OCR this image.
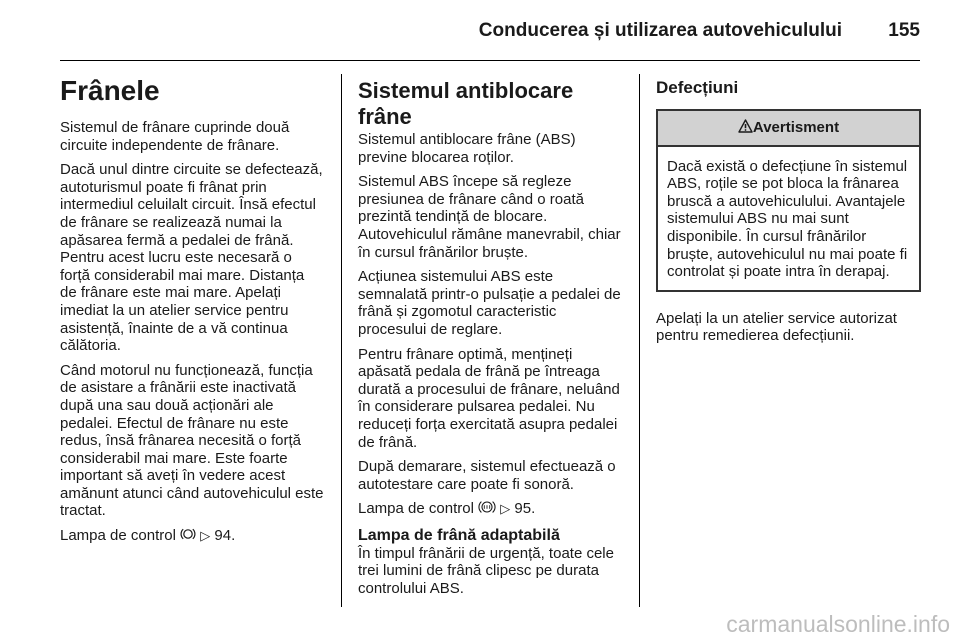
Conducerea și utilizarea autovehiculului 155
Frânele

Sistemul de frânare cuprinde două circuite independente de frânare.

Dacă unul dintre circuite se defectează, autoturismul poate fi frânat prin intermediul celuilalt circuit. Însă efectul de frânare se realizează numai la apăsarea fermă a pedalei de frână. Pentru acest lucru este necesară o forță considerabil mai mare. Distanța de frânare este mai mare. Apelați imediat la un atelier service pentru asistență, înainte de a vă continua călătoria.

Când motorul nu funcționează, funcția de asistare a frânării este inactivată după una sau două acționări ale pedalei. Efectul de frânare nu este redus, însă frânarea necesită o forță considerabil mai mare. Este foarte important să aveți în vedere acest amănunt atunci când autovehiculul este tractat.

Lampa de control ▷ 94.

Sistemul antiblocare frâne

Sistemul antiblocare frâne (ABS) previne blocarea roților.

Sistemul ABS începe să regleze presiunea de frânare când o roată prezintă tendință de blocare. Autovehiculul rămâne manevrabil, chiar în cursul frânărilor bruște.

Acțiunea sistemului ABS este semnalată printr-o pulsație a pedalei de frână și zgomotul caracteristic procesului de reglare.

Pentru frânare optimă, mențineți apăsată pedala de frână pe întreaga durată a procesului de frânare, neluând în considerare pulsarea pedalei. Nu reduceți forța exercitată asupra pedalei de frână.

După demarare, sistemul efectuează o autotestare care poate fi sonoră.

Lampa de control ▷ 95.

Lampa de frână adaptabilă

În timpul frânării de urgență, toate cele trei lumini de frână clipesc pe durata controlului ABS.

Defecțiuni
Avertisment
Dacă există o defecțiune în sistemul ABS, roțile se pot bloca la frânarea bruscă a autovehiculului. Avantajele sistemului ABS nu mai sunt disponibile. În cursul frânărilor bruște, autovehiculul nu mai poate fi controlat și poate intra în derapaj.

Apelați la un atelier service autorizat pentru remedierea defecțiunii.

carmanualsonline.info
